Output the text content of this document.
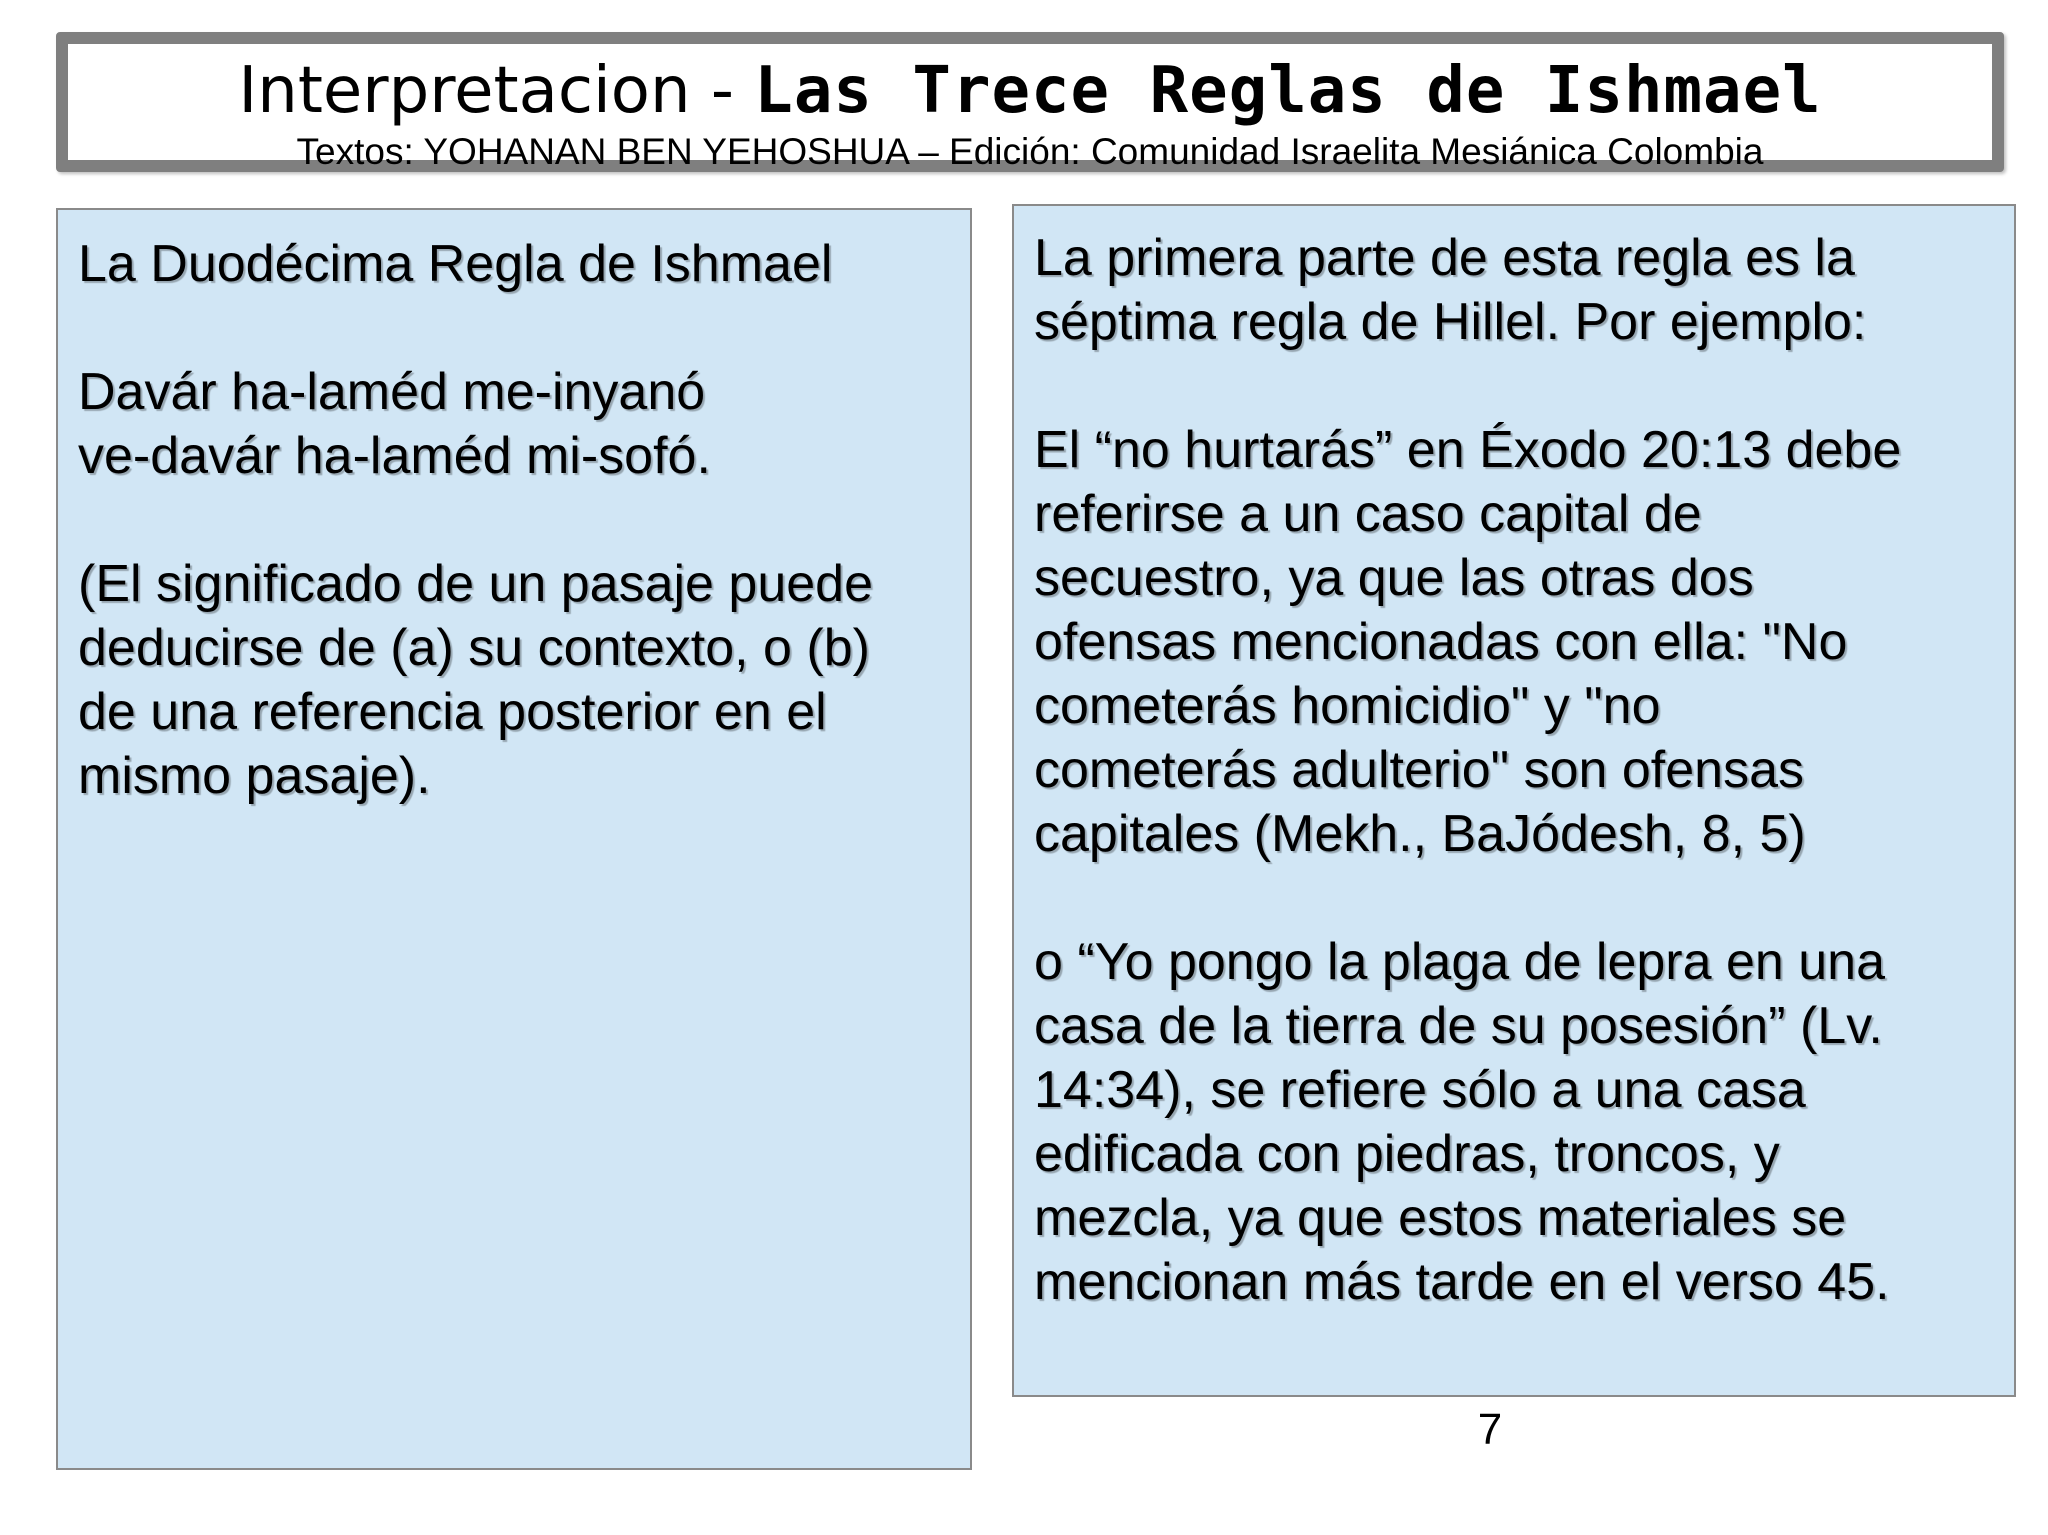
Interpretacion - Las Trece Reglas de Ishmael
Textos: YOHANAN BEN YEHOSHUA – Edición: Comunidad Israelita Mesiánica Colombia

La Duodécima Regla de Ishmael

Davár ha-laméd me-inyanó
ve-davár ha-laméd mi-sofó.

(El significado de un pasaje puede
deducirse de (a) su contexto, o (b)
de una referencia posterior en el
mismo pasaje).

La primera parte de esta regla es la
séptima regla de Hillel. Por ejemplo:

El “no hurtarás” en Éxodo 20:13 debe
referirse a un caso capital de
secuestro, ya que las otras dos
ofensas mencionadas con ella: "No
cometerás homicidio" y "no
cometerás adulterio" son ofensas
capitales (Mekh., BaJódesh, 8, 5)

o “Yo pongo la plaga de lepra en una
casa de la tierra de su posesión” (Lv.
14:34), se refiere sólo a una casa
edificada con piedras, troncos, y
mezcla, ya que estos materiales se
mencionan más tarde en el verso 45.

7
